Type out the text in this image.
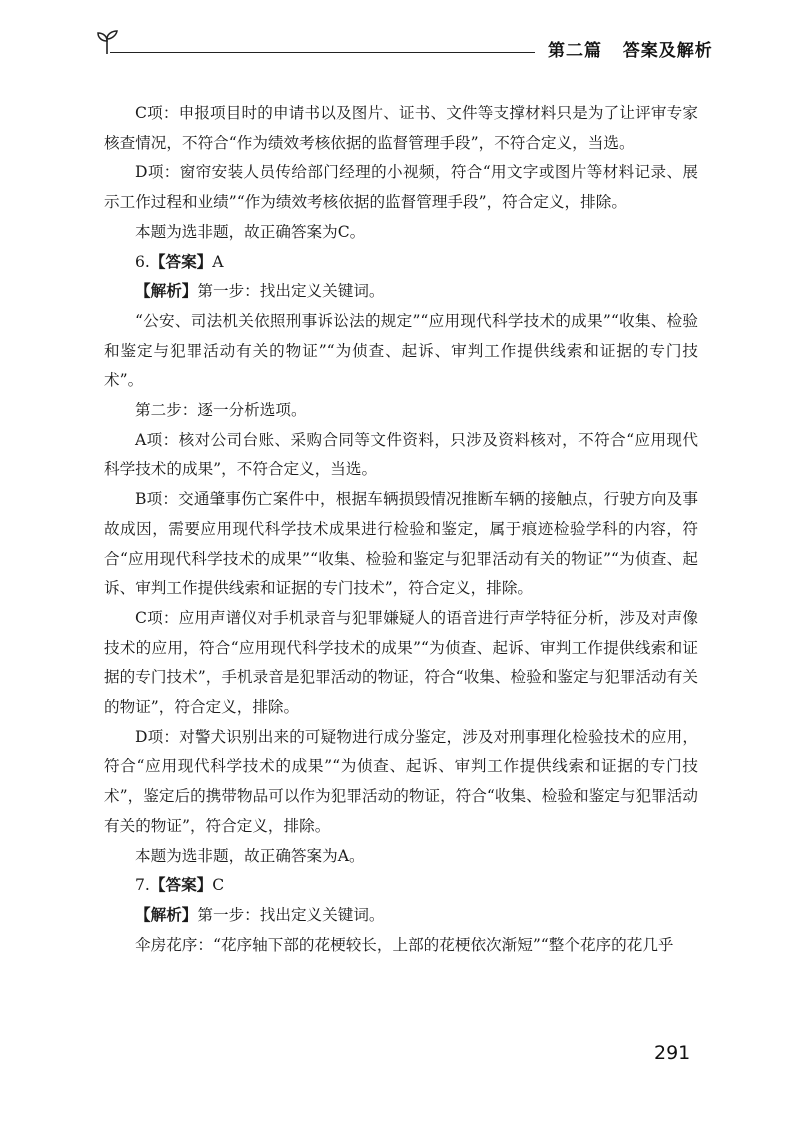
第二篇   答案及解析

C项：申报项目时的申请书以及图片、证书、文件等支撑材料只是为了让评审专家核查情况，不符合“作为绩效考核依据的监督管理手段”，不符合定义，当选。

D项：窗帘安装人员传给部门经理的小视频，符合“用文字或图片等材料记录、展示工作过程和业绩”“作为绩效考核依据的监督管理手段”，符合定义，排除。

本题为选非题，故正确答案为C。

6.【答案】A

【解析】第一步：找出定义关键词。

“公安、司法机关依照刑事诉讼法的规定”“应用现代科学技术的成果”“收集、检验和鉴定与犯罪活动有关的物证”“为侦查、起诉、审判工作提供线索和证据的专门技术”。

第二步：逐一分析选项。

A项：核对公司台账、采购合同等文件资料，只涉及资料核对，不符合“应用现代科学技术的成果”，不符合定义，当选。

B项：交通肇事伤亡案件中，根据车辆损毁情况推断车辆的接触点，行驶方向及事故成因，需要应用现代科学技术成果进行检验和鉴定，属于痕迹检验学科的内容，符合“应用现代科学技术的成果”“收集、检验和鉴定与犯罪活动有关的物证”“为侦查、起诉、审判工作提供线索和证据的专门技术”，符合定义，排除。

C项：应用声谱仪对手机录音与犯罪嫌疑人的语音进行声学特征分析，涉及对声像技术的应用，符合“应用现代科学技术的成果”“为侦查、起诉、审判工作提供线索和证据的专门技术”，手机录音是犯罪活动的物证，符合“收集、检验和鉴定与犯罪活动有关的物证”，符合定义，排除。

D项：对警犬识别出来的可疑物进行成分鉴定，涉及对刑事理化检验技术的应用，符合“应用现代科学技术的成果”“为侦查、起诉、审判工作提供线索和证据的专门技术”，鉴定后的携带物品可以作为犯罪活动的物证，符合“收集、检验和鉴定与犯罪活动有关的物证”，符合定义，排除。

本题为选非题，故正确答案为A。

7.【答案】C

【解析】第一步：找出定义关键词。

伞房花序：“花序轴下部的花梗较长，上部的花梗依次渐短”“整个花序的花几乎

291
